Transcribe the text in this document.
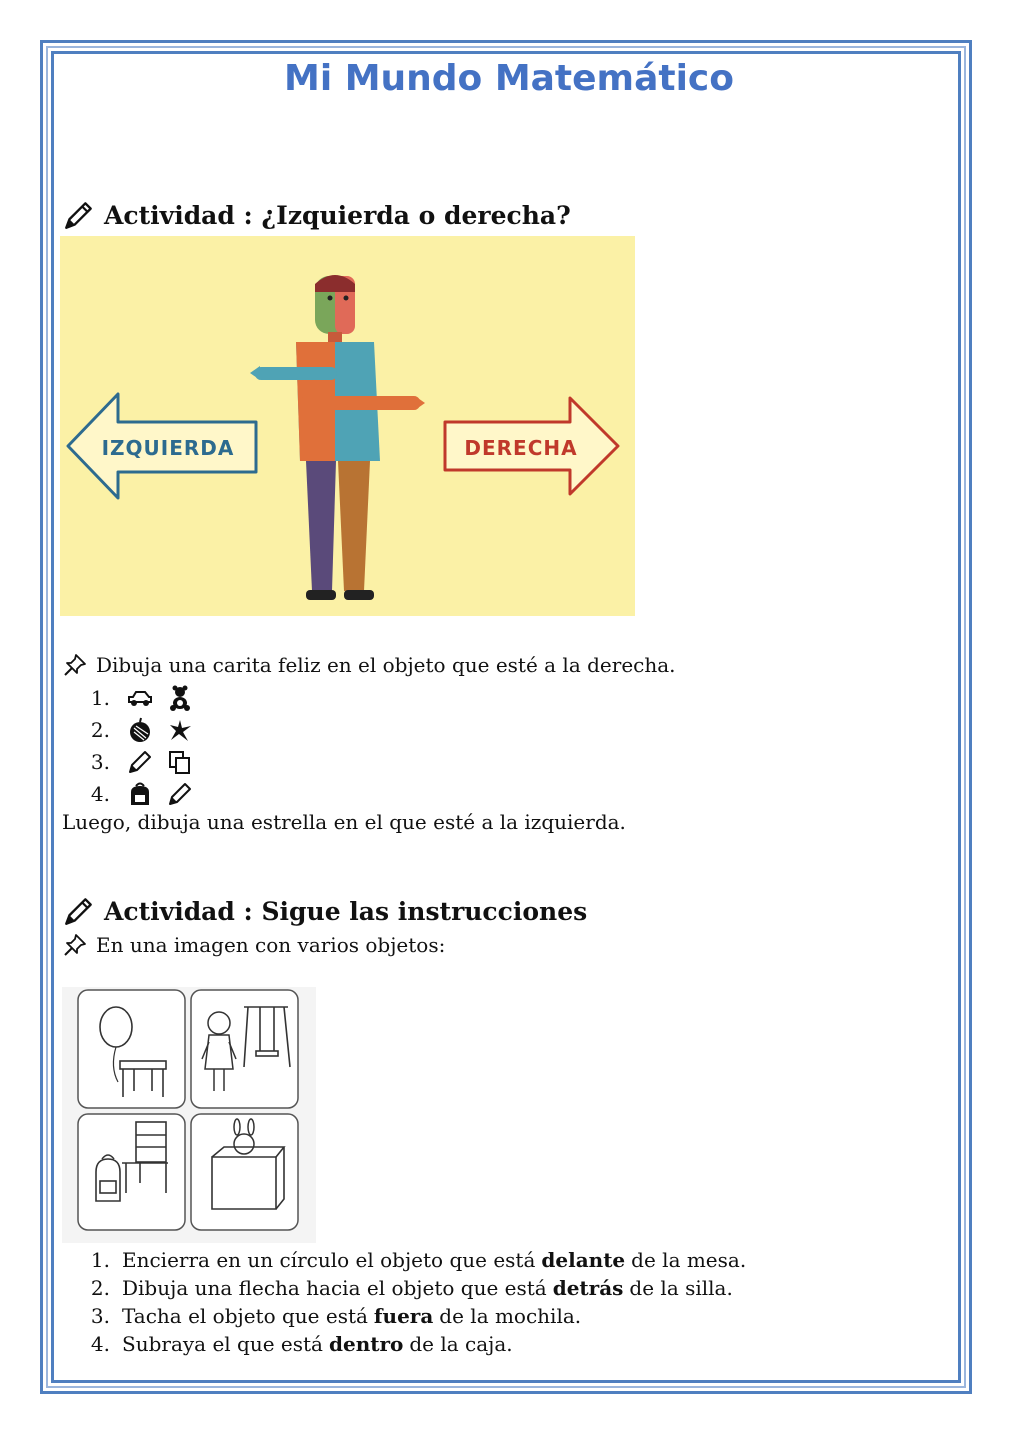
Mi Mundo Matemático
Actividad : ¿Izquierda o derecha?
IZQUIERDA	DERECHA

Dibuja una carita feliz en el objeto que esté a la derecha.

1.
2.
3.
4.

Luego, dibuja una estrella en el que esté a la izquierda.

Actividad : Sigue las instrucciones

En una imagen con varios objetos:

1. Encierra en un círculo el objeto que está delante de la mesa.
2. Dibuja una flecha hacia el objeto que está detrás de la silla.
3. Tacha el objeto que está fuera de la mochila.
4. Subraya el que está dentro de la caja.
